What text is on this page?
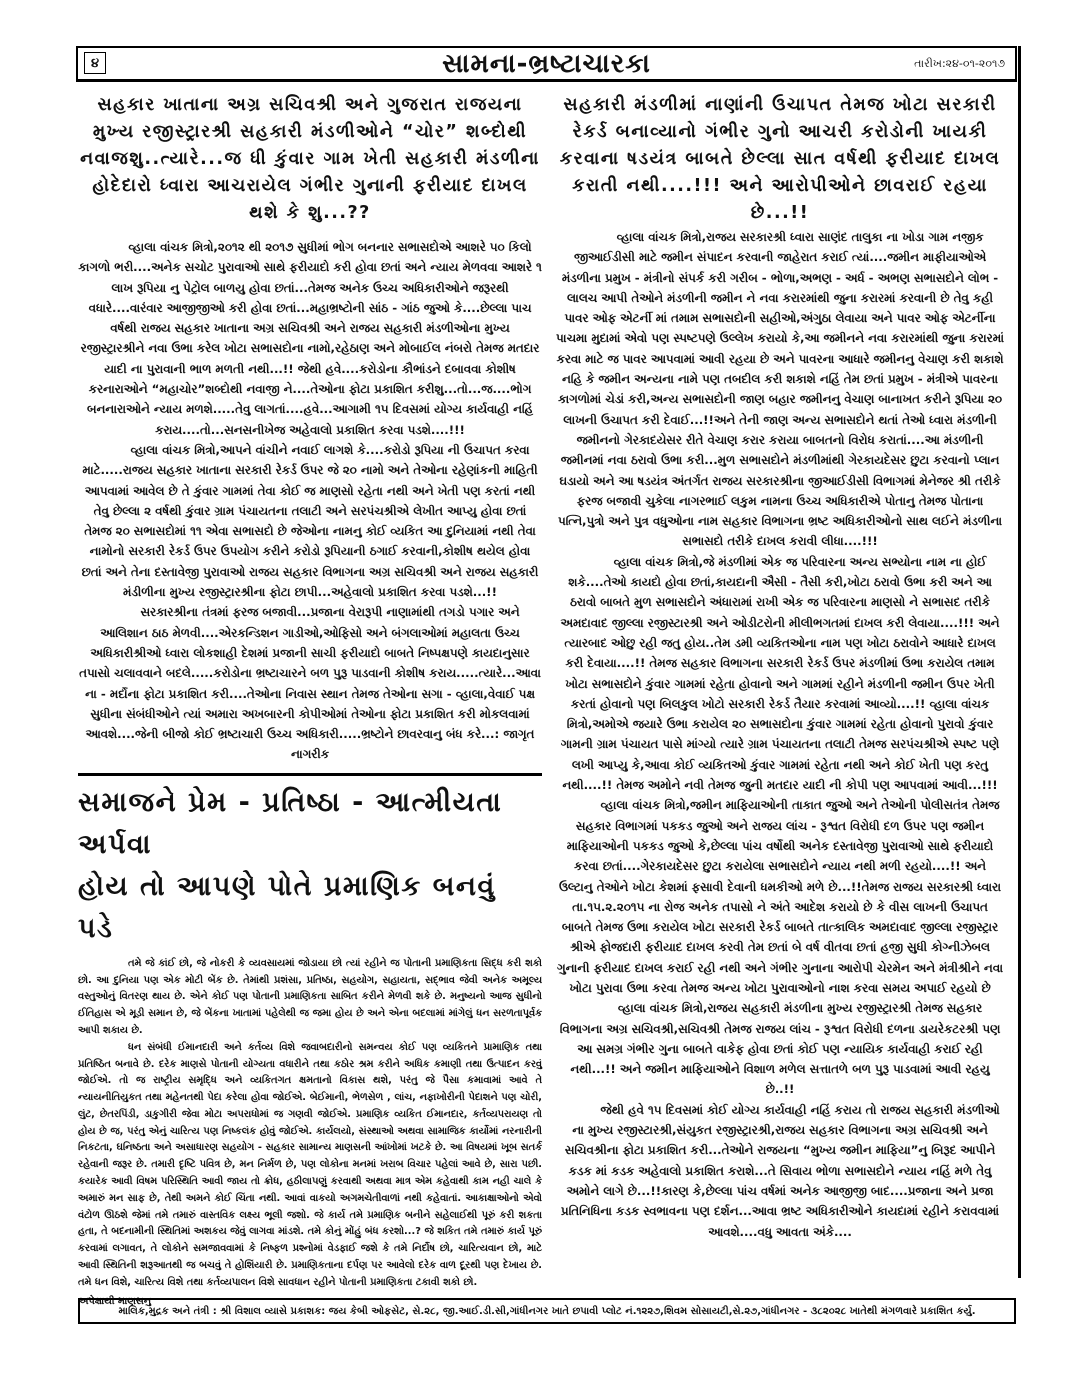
૪	સામના-ભ્રષ્ટાચારકા	તારીખ:૨૪-૦૧-૨૦૧૭
સહકાર ખાતાના અગ્ર સચિવશ્રી અને ગુજરાત રાજયના મુખ્ય રજીસ્ટ્રારશ્રી સહકારી મંડળીઓને “ચોર” શબ્દોથી નવાજશુ..ત્યારે...જ ધી કુંવાર ગામ ખેતી સહકારી મંડળીના હોદેદારો ધ્વારા આચરાયેલ ગંભીર ગુનાની ફરીયાદ દાખલ થશે કે શુ...??

વ્હાલા વાંચક મિત્રો,૨૦૧૨ થી ૨૦૧૭ સુધીમાં ભોગ બનનાર સભાસદોએ આશરે ૫૦ કિલો કાગળો ભરી....અનેક સચોટ પુરાવાઓ સાથે ફરીયાદો કરી હોવા છતાં અને ન્યાય મેળવવા આશરે ૧ લાખ રૂપિયા નુ પેટ્રોલ બાળયુ હોવા છતાં...તેમજ અનેક ઉચ્ચ અધિકારીઓને જરૂરથી વધારે....વારંવાર આજીજીઓ કરી હોવા છતાં...મહાભ્રષ્ટોની સાંઠ - ગાંઠ જુઓ કે....છેલ્લા પાચ વર્ષથી રાજય સહકાર ખાતાના અગ્ર સચિવશ્રી અને રાજય સહકારી મંડળીઓના મુખ્ય રજીસ્ટ્રારશ્રીને નવા ઉભા કરેલ ખોટા સભાસદોના નામો,રહેઠાણ અને મોબાઈલ નંબરો તેમજ મતદાર યાદી ના પુરાવાની ભાળ મળતી નથી...!! જેથી હવે....કરોડોના કૌભાંડને દબાવવા કોશીષ કરનારાઓને “મહાચોર”શબ્દોથી નવાજી ને....તેઓના ફોટા પ્રકાશિત કરીશુ...તો...જ....ભોગ બનનારાઓને ન્યાય મળશે.....તેવુ લાગતાં....હવે...આગામી ૧૫ દિવસમાં યોગ્ય કાર્યવાહી નહિં કરાય....તો...સનસનીખેજ અહેવાલો પ્રકાશિત કરવા પડશે....!!!

વ્હાલા વાંચક મિત્રો,આપને વાંચીને નવાઈ લાગશે કે....કરોડો રૂપિયા ની ઉચાપત કરવા માટે.....રાજય સહકાર ખાતાના સરકારી રેકર્ડ ઉપર જે ૨૦ નામો અને તેઓના રહેણાંકની માહિતી આપવામાં આવેલ છે તે કુંવાર ગામમાં તેવા કોઈ જ માણસો રહેતા નથી અને ખેતી પણ કરતાં નથી તેવુ છેલ્લા ૨ વર્ષથી કુંવાર ગ્રામ પંચાયતના તલાટી અને સરપંચશ્રીએ લેખીત આપ્યુ હોવા છતાં તેમજ ૨૦ સભાસદોમાં ૧૧ એવા સભાસદો છે જેઓના નામનુ કોઈ વ્યકિત આ દુનિયામાં નથી તેવા નામોનો સરકારી રેકર્ડ ઉપર ઉપયોગ કરીને કરોડો રૂપિયાની ઠગાઈ કરવાની,કોશીષ થયેલ હોવા છતાં અને તેના દસ્તાવેજી પુરાવાઓ રાજય સહકાર વિભાગના અગ્ર સચિવશ્રી અને રાજય સહકારી મંડીળીના મુખ્ય રજીસ્ટ્રારશ્રીના ફોટા છાપી...અહેવાલો પ્રકાશિત કરવા પડશે...!!

સરકારશ્રીના તંત્રમાં ફરજ બજાવી...પ્રજાના વેરારૂપી નાણામાંથી તગડો પગાર અને આલિશાન ઠાઠ મેળવી....એરકન્ડિશન ગાડીઓ,ઓફિસો અને બંગલાઓમાં મહાલતા ઉચ્ચ અધિકારીશ્રીઓ ધ્વારા લોકશાહી દેશમાં પ્રજાની સાચી ફરીયાદો બાબતે નિષ્પક્ષપણે કાયદાનુસાર તપાસો ચલાવવાને બદલે.....કરોડોના ભ્રષ્ટાચારને બળ પુરૂ પાડવાની કોશીષ કરાય.....ત્યારે...આવા ના - મર્દોના ફોટા પ્રકાશિત કરી....તેઓના નિવાસ સ્થાન તેમજ તેઓના સગા - વ્હાલા,વેવાઈ પક્ષ સુધીના સંબંધીઓને ત્યાં અમારા અખબારની કોપીઓમાં તેઓના ફોટા પ્રકાશિત કરી મોકલવામાં આવશે....જેની બીજો કોઈ ભ્રષ્ટાચારી ઉચ્ચ અધિકારી.....ભ્રષ્ટોને છાવરવાનુ બંધ કરે...: જાગૃત નાગરીક

સમાજને પ્રેમ - પ્રતિષ્ઠા - આત્મીયતા અર્પવા
હોય તો આપણે પોતે પ્રમાણિક બનવું પડે

તમે જે કાંઈ છો, જે નોકરી કે વ્યવસાયમાં જોડાયા છો ત્યાં રહીને જ પોતાની પ્રમાણિકતા સિદ્ધ કરી શકો છો. આ દુનિયા પણ એક મોટી બેંક છે. તેમાંથી પ્રશંસા, પ્રતિષ્ઠા, સહયોગ, સહાયતા, સદ્ભાવ જેવી અનેક અમૂલ્ય વસ્તુઓનું વિતરણ થાય છે. એને કોઈ પણ પોતાની પ્રમાણિકતા સાબિત કરીને મેળવી શકે છે. મનુષ્યનો આજ સુધીનો ઈતિહાસ એ મૂડી સમાન છે, જે બેંકના ખાતામાં પહેલેથી જ જમા હોય છે અને એના બદલામાં માંગેલું ધન સરળતાપૂર્વક આપી શકાય છે.

ધન સંબંધી ઈમાનદારી અને કર્તવ્ય વિશે જવાબદારીનો સમન્વય કોઈ પણ વ્યકિતને પ્રામાણિક તથા પ્રતિષ્ઠિત બનાવે છે. દરેક માણસે પોતાની યોગ્યતા વધારીને તથા કઠોર શ્રમ કરીને અધિક કમાણી તથા ઉત્પાદન કરવું જોઈએ. તો જ રાષ્ટ્રીય સમૃદ્ધિ અને વ્યકિતગત ક્ષમતાનો વિકાસ થશે, પરંતુ જે પૈસા કમાવામાં આવે તે ન્યાયનીતિયુકત તથા મહેનતથી પેદા કરેલા હોવા જોઈએ. બેઈમાની, ભેળસેળ , લાંચ, નફાખોરીની પેદાશને પણ ચોરી, લુંટ, છેતરપિંડી, ડાકુગીરી જેવા મોટા અપરાધોમાં જ ગણવી જોઈએ. પ્રમાણિક વ્યકિત ઈમાનદાર, કર્તવ્યપરાયણ તો હોય છે જ, પરંતુ એનું ચારિત્ય પણ નિષ્કલંક હોવું જોઈએ. કાર્યલયો, સંસ્થાઓ અથવા સામાજિક કાર્યોમાં નરનારીની નિકટતા, ઘનિષ્ઠતા અને અસાધારણ સહયોગ - સહકાર સામાન્ય માણસની આંખોમાં ખટકે છે. આ વિષયમાં ખૂબ સતર્ક રહેવાની જરૂર છે. તમારી દૃષ્ટિ પવિત્ર છે, મન નિર્મળ છે, પણ લોકોના મનમાં ખરાબ વિચાર પહેલાં આવે છે, સારા પછી. કયારેક આવી વિષમ પરિસ્થિતિ આવી જાય તો ક્રોધ, હઠીલાપણું કરવાથી અથવા માત્ર એમ કહેવાથી કામ નહી ચાલે કે અમારું મન સાફ છે, તેથી અમને કોઈ ચિંતા નથી. આવાં વાકયો અગમચેતીવાળાં નથી કહેવાતાં. આકાક્ષાઓનો એવો વંટોળ ઊઠશે જેમાં તમે તમારું વાસ્તવિક લક્ષ્ય ભૂલી જશો. જે કાર્ય તમે પ્રમાણિક બનીને સહેલાઈથી પૂરું કરી શકતા હતા, તે બદનામીની સ્થિતિમાં અશકય જેવું લાગવા માંડશે. તમે કોનું મોંહું બંધ કરશો...? જે શકિત તમે તમારું કાર્ય પૂરું કરવામાં લગાવત, તે લોકોને સમજાવવામાં કે નિષ્ફળ પ્રશ્નોમાં વેડફાઈ જશે કે તમે નિર્દોષ છો, ચારિત્યવાન છો, માટે આવી સ્થિતિની શરૂઆતથી જ બચવું તે હોશિંયારી છે. પ્રમાણિકતાના દર્પણ પર આવેલો દરેક વાળ દૂરથી પણ દેખાય છે. તમે ધન વિશે, ચારિત્ય વિશે તથા કર્તવ્યપાલન વિશે સાવધાન રહીને પોતાની પ્રમાણિકતા ટકાવી શકો છો.

અપેક્ષાથી માણસનુ

સહકારી મંડળીમાં નાણાંની ઉચાપત તેમજ ખોટા સરકારી રેકર્ડ બનાવ્યાનો ગંભીર ગુનો આચરી કરોડોની ખાયકી કરવાના ષડયંત્ર બાબતે છેલ્લા સાત વર્ષથી ફરીયાદ દાખલ કરાતી નથી....!!! અને આરોપીઓને છાવરાઈ રહયા છે...!!

વ્હાલા વાંચક મિત્રો,રાજય સરકારશ્રી ધ્વારા સાણંદ તાલુકા ના ખોડા ગામ નજીક જીઆઈડીસી માટે જમીન સંપાદન કરવાની જાહેરાત કરાઈ ત્યાં....જમીન માફીયાઓએ મંડળીના પ્રમુખ - મંત્રીનો સંપર્ક કરી ગરીબ - ભોળા,અભણ - અર્ધ - અભણ સભાસદોને લોભ - લાલચ આપી તેઓને મંડળીની જમીન ને નવા કરારમાંથી જુના કરારમાં કરવાની છે તેવુ કહી પાવર ઓફ એટર્ની માં તમામ સભાસદોની સહીઓ,અંગુઠા લેવાયા અને પાવર ઓફ એટર્નીના પાચમા મુદામાં એવો પણ સ્પષ્ટપણે ઉલ્લેખ કરાયો કે,આ જમીનને નવા કરારમાંથી જુના કરારમાં કરવા માટે જ પાવર આપવામાં આવી રહયા છે અને પાવરના આધારે જમીનનુ વેચાણ કરી શકાશે નહિ કે જમીન અન્યના નામે પણ તબદીલ કરી શકાશે નહિં તેમ છતાં પ્રમુખ - મંત્રીએ પાવરના કાગળોમાં ચેડાં કરી,અન્ય સભાસદોની જાણ બહાર જમીનનુ વેચાણ બાનાખત કરીને રૂપિયા ૨૦ લાખની ઉચાપત કરી દેવાઈ...!!અને તેની જાણ અન્ય સભાસદોને થતાં તેઓ ધ્વારા મંડળીની જમીનનો ગેરકાદયેસર રીતે વેચાણ કરાર કરાયા બાબતનો વિરોધ કરાતાં....આ મંડળીની જમીનમાં નવા ઠરાવો ઉભા કરી...મુળ સભાસદોને મંડળીમાંથી ગેરકાયદેસર છુટા કરવાનો પ્લાન ઘડાયો અને આ ષડયંત્ર અંતર્ગત રાજય સરકારશ્રીના જીઆઈડીસી વિભાગમાં મેનેજર શ્રી તરીકે ફરજ બજાવી ચુકેલા નાગરભાઈ લકુમ નામના ઉચ્ચ અધિકારીએ પોતાનુ તેમજ પોતાના પત્નિ,પુત્રો અને પુત્ર વધુઓના નામ સહકાર વિભાગના ભ્રષ્ટ અધિકારીઓનો સાથ લઈને મંડળીના સભાસદો તરીકે દાખલ કરાવી લીધા....!!!

વ્હાલા વાંચક મિત્રો,જે મંડળીમાં એક જ પરિવારના અન્ય સભ્યોના નામ ના હોઈ શકે....તેઓ કાયદો હોવા છતાં,કાયદાની ઐસી - તૈસી કરી,ખોટા ઠરાવો ઉભા કરી અને આ ઠરાવો બાબતે મુળ સભાસદોને અંધારામાં રાખી એક જ પરિવારના માણસો ને સભાસદ તરીકે અમદાવાદ જીલ્લા રજીસ્ટારશ્રી અને ઓડીટરોની મીલીભગતમાં દાખલ કરી લેવાયા....!!! અને ત્યારબાદ ઓછુ રહી જતુ હોય..તેમ ડમી વ્યકિતઓના નામ પણ ખોટા ઠરાવોને આધારે દાખલ કરી દેવાયા....!! તેમજ સહકાર વિભાગના સરકારી રેકર્ડ ઉપર મંડળીમાં ઉભા કરાયેલ તમામ ખોટા સભાસદોને કુંવાર ગામમાં રહેતા હોવાનો અને ગામમાં રહીને મંડળીની જમીન ઉપર ખેતી કરતાં હોવાનો પણ બિલકુલ ખોટો સરકારી રેકર્ડ તૈયાર કરવામાં આવ્યો....!! વ્હાલા વાંચક મિત્રો,અમોએ જયારે ઉભા કરાયેલ ૨૦ સભાસદોના કુંવાર ગામમાં રહેતા હોવાનો પુરાવો કુંવાર ગામની ગ્રામ પંચાયત પાસે માંગ્યો ત્યારે ગ્રામ પંચાયતના તલાટી તેમજ સરપંચશ્રીએ સ્પષ્ટ પણે લખી આપ્યુ કે,આવા કોઈ વ્યકિતઓ કુંવાર ગામમાં રહેતા નથી અને કોઈ ખેતી પણ કરતુ નથી....!! તેમજ અમોને નવી તેમજ જુની મતદાર યાદી ની કોપી પણ આપવામાં આવી...!!!

વ્હાલા વાંચક મિત્રો,જમીન માફિયાઓની તાકાત જુઓ અને તેઓની પોલીસતંત્ર તેમજ સહકાર વિભાગમાં પકકડ જુઓ અને રાજય લાંચ - રૂશ્વત વિરોધી દળ ઉપર પણ જમીન માફિયાઓની પકકડ જુઓ કે,છેલ્લા પાંચ વર્ષોથી અનેક દસ્તાવેજી પુરાવાઓ સાથે ફરીયાદો કરવા છતાં....ગેરકાયદેસર છુટા કરાયેલા સભાસદોને ન્યાય નથી મળી રહયો....!! અને ઉલ્ટાનુ તેઓને ખોટા કેશમાં ફસાવી દેવાની ધમકીઓ મળે છે...!!તેમજ રાજય સરકારશ્રી ધ્વારા તા.૧૫.૨.૨૦૧૫ ના રોજ અનેક તપાસો ને અંતે આદેશ કરાયો છે કે વીસ લાખની ઉચાપત બાબતે તેમજ ઉભા કરાયેલ ખોટા સરકારી રેકર્ડ બાબતે તાત્કાલિક અમદાવાદ જીલ્લા રજીસ્ટ્રાર શ્રીએ ફોજદારી ફરીયાદ દાખલ કરવી તેમ છતાં બે વર્ષ વીતવા છતાં હજી સુધી કોગ્નીઝેબલ ગુનાની ફરીયાદ દાખલ કરાઈ રહી નથી અને ગંભીર ગુનાના આરોપી ચેરમેન અને મંત્રીશ્રીને નવા ખોટા પુરાવા ઉભા કરવા તેમજ અન્ય ખોટા પુરાવાઓનો નાશ કરવા સમય અપાઈ રહયો છે

વ્હાલા વાંચક મિત્રો,રાજય સહકારી મંડળીના મુખ્ય રજીસ્ટ્રારશ્રી તેમજ સહકાર વિભાગના અગ્ર સચિવશ્રી,સચિવશ્રી તેમજ રાજય લાંચ - રૂશ્વત વિરોધી દળના ડાયરેકટરશ્રી પણ આ સમગ્ર ગંભીર ગુના બાબતે વાકેફ હોવા છતાં કોઈ પણ ન્યાયિક કાર્યવાહી કરાઈ રહી નથી...!! અને જમીન માફિયાઓને વિશાળ મળેલ સત્તાતળે બળ પુરૂ પાડવામાં આવી રહયુ છે..!!

જેથી હવે ૧૫ દિવસમાં કોઈ યોગ્ય કાર્યવાહી નહિં કરાય તો રાજય સહકારી મંડળીઓ ના મુખ્ય રજીસ્ટારશ્રી,સંયુકત રજીસ્ટ્રારશ્રી,રાજય સહકાર વિભાગના અગ્ર સચિવશ્રી અને સચિવશ્રીના ફોટા પ્રકાશિત કરી...તેઓને રાજયના “મુખ્ય જમીન માફિયા”નુ બિરૂદ આપીને કડક માં કડક અહેવાલો પ્રકાશિત કરાશે...તે સિવાય ભોળા સભાસદોને ન્યાય નહિં મળે તેવુ અમોને લાગે છે...!!કારણ કે,છેલ્લા પાંચ વર્ષમાં અનેક આજીજી બાદ....પ્રજાના અને પ્રજા પ્રતિનિધિના કડક સ્વભાવના પણ દર્શન...આવા ભ્રષ્ટ અધિકારીઓને કાયદામાં રહીને કરાવવામાં આવશે....વધુ આવતા અંકે....

માલિક,મુદ્રક અને તંત્રી : શ્રી વિશાલ વ્યાસે પ્રકાશક: જય કેબી ઓફસેટ, સે.૨૮, જી.આઈ.ડી.સી,ગાંધીનગર ખાતે છપાવી પ્લોટ નં.૧૨૨૭,શિવમ સોસાયટી,સે.૨૭,ગાંધીનગર - ૩૮૨૦૨૮ ખાતેથી મંગળવારે પ્રકાશિત કર્યુ.
